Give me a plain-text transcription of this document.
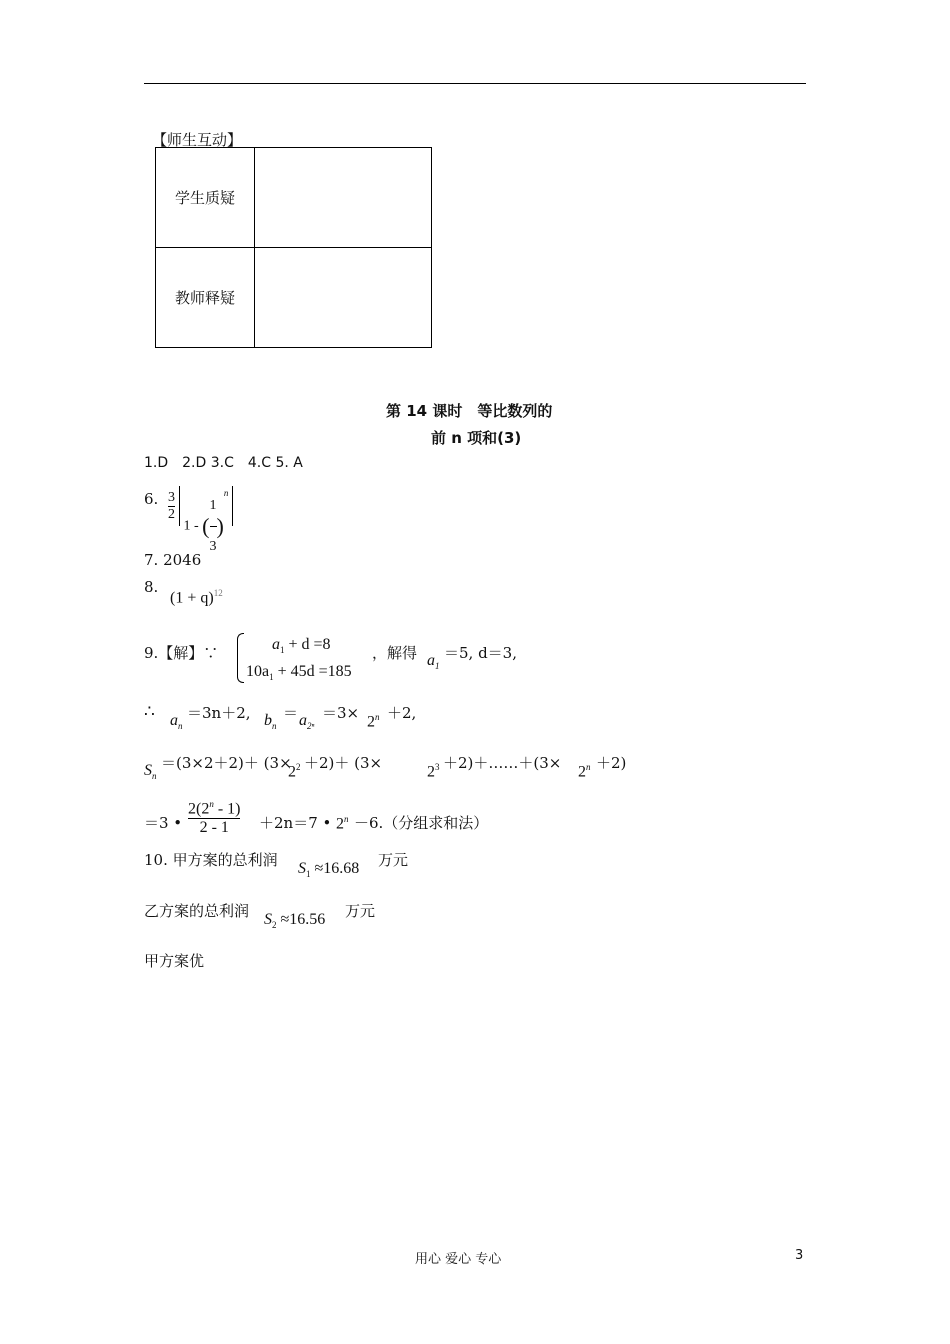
【师生互动】
学生质疑	
教师释疑	
第 14 课时　等比数列的
前 n 项和(3)
1.D　2.D 3.C　4.C 5. A
6. $\frac{3}{2}$
1 - ( $\frac{1}{3} )^n$
7. 2046
8.
$(1 + q)^{12}$
9.【解】∵	$a_1 + d =8$
$10a_1 + 45d =185$
，解得 $a_1$
＝5, d＝3,
∴ $a_n$
＝3n＋2, $b_n$
＝ $a_{2^n}$
$=3\times 2^n +2$,
$S_n$
＝(3×2＋2)＋ (3×
$2^2 +2)+ (3\times$	$2^3$ ＋2)＋……＋(3× $2^n +2$)
＝3 • $\frac{2(2^n - 1)}{2 - 1} +2n=7$ • $2^n -6$.（分组求和法）
10. 甲方案的总利润 $S_1 \approx 16.68$ 万元
乙方案的总利润 $S_2 \approx 16.56$ 万元
甲方案优
用心 爱心 专心	3
